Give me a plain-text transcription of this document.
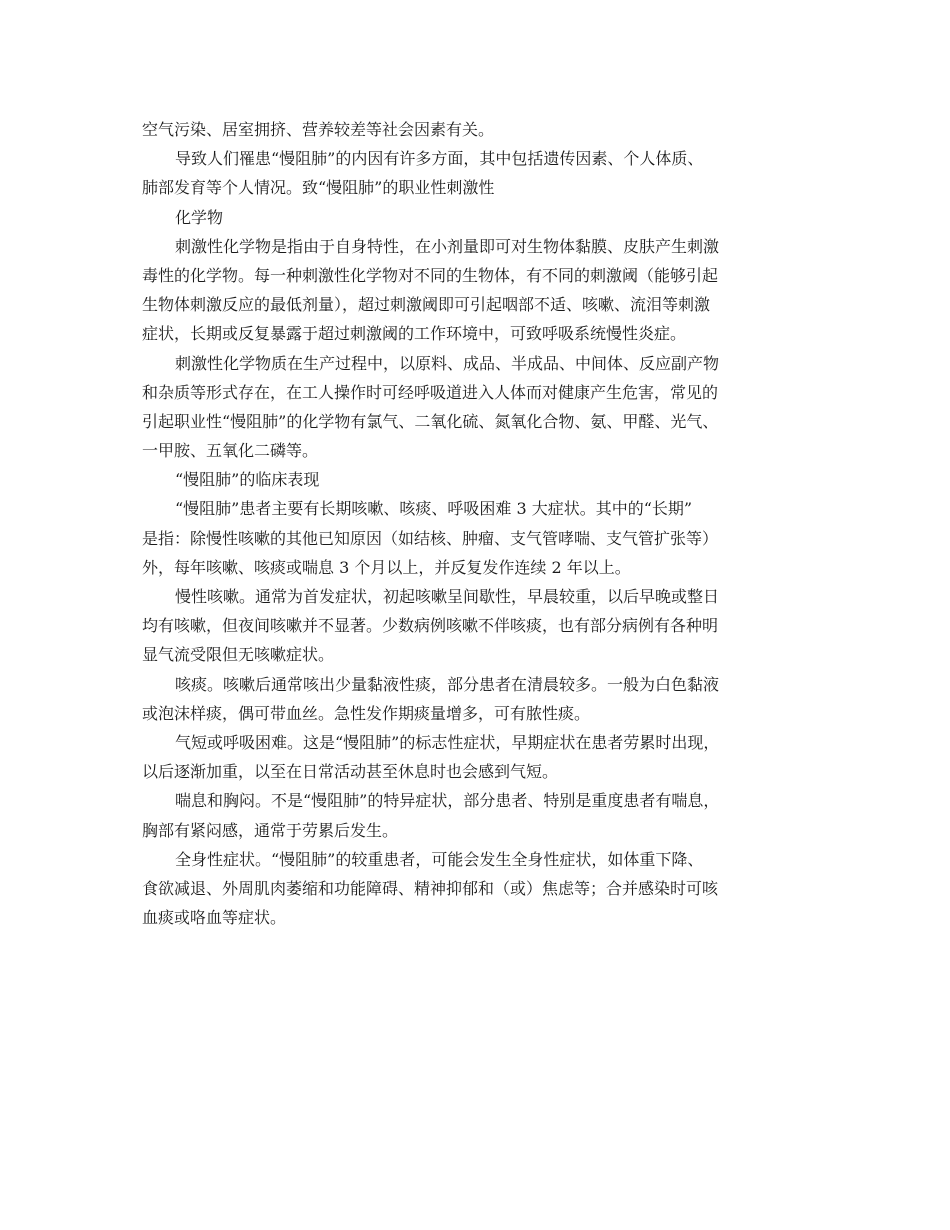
空气污染、居室拥挤、营养较差等社会因素有关。
导致人们罹患“慢阻肺”的内因有许多方面，其中包括遗传因素、个人体质、
肺部发育等个人情况。致“慢阻肺”的职业性刺激性
化学物
刺激性化学物是指由于自身特性，在小剂量即可对生物体黏膜、皮肤产生刺激
毒性的化学物。每一种刺激性化学物对不同的生物体，有不同的刺激阈（能够引起
生物体刺激反应的最低剂量），超过刺激阈即可引起咽部不适、咳嗽、流泪等刺激
症状，长期或反复暴露于超过刺激阈的工作环境中，可致呼吸系统慢性炎症。
刺激性化学物质在生产过程中，以原料、成品、半成品、中间体、反应副产物
和杂质等形式存在，在工人操作时可经呼吸道进入人体而对健康产生危害，常见的
引起职业性“慢阻肺”的化学物有氯气、二氧化硫、氮氧化合物、氨、甲醛、光气、
一甲胺、五氧化二磷等。
“慢阻肺”的临床表现
“慢阻肺”患者主要有长期咳嗽、咳痰、呼吸困难 3 大症状。其中的“长期”
是指：除慢性咳嗽的其他已知原因（如结核、肿瘤、支气管哮喘、支气管扩张等）
外，每年咳嗽、咳痰或喘息 3 个月以上，并反复发作连续 2 年以上。
慢性咳嗽。通常为首发症状，初起咳嗽呈间歇性，早晨较重，以后早晚或整日
均有咳嗽，但夜间咳嗽并不显著。少数病例咳嗽不伴咳痰，也有部分病例有各种明
显气流受限但无咳嗽症状。
咳痰。咳嗽后通常咳出少量黏液性痰，部分患者在清晨较多。一般为白色黏液
或泡沫样痰，偶可带血丝。急性发作期痰量增多，可有脓性痰。
气短或呼吸困难。这是“慢阻肺”的标志性症状，早期症状在患者劳累时出现，
以后逐渐加重，以至在日常活动甚至休息时也会感到气短。
喘息和胸闷。不是“慢阻肺”的特异症状，部分患者、特别是重度患者有喘息，
胸部有紧闷感，通常于劳累后发生。
全身性症状。“慢阻肺”的较重患者，可能会发生全身性症状，如体重下降、
食欲减退、外周肌肉萎缩和功能障碍、精神抑郁和（或）焦虑等；合并感染时可咳
血痰或咯血等症状。
